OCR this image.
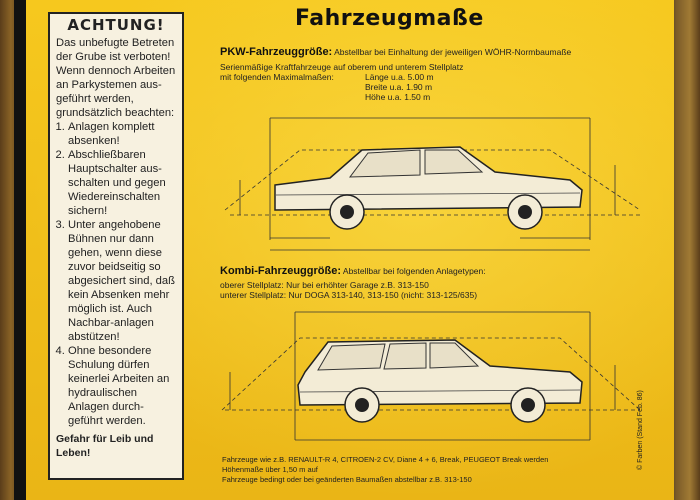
Fahrzeugmaße
ACHTUNG!
Das unbefugte Betreten der Grube ist verboten! Wenn dennoch Arbeiten an Parkystemen aus-geführt werden, grundsätzlich beachten:
1. Anlagen komplett absenken!
2. Abschließbaren Hauptschalter aus-schalten und gegen Wiedereinschalten sichern!
3. Unter angehobene Bühnen nur dann gehen, wenn diese zuvor beidseitig so abgesichert sind, daß kein Absenken mehr möglich ist. Auch Nachbar-anlagen abstützen!
4. Ohne besondere Schulung dürfen keinerlei Arbeiten an hydraulischen Anlagen durch-geführt werden.
Gefahr für Leib und Leben!
PKW-Fahrzeuggröße: Abstellbar bei Einhaltung der jeweiligen WÖHR-Normbaumaße
Serienmäßige Kraftfahrzeuge auf oberem und unterem Stellplatz
mit folgenden Maximalmaßen:	Länge u.a. 5.00 m
Breite u.a. 1.90 m
Höhe u.a. 1.50 m
Kombi-Fahrzeuggröße: Abstellbar bei folgenden Anlagetypen:
oberer Stellplatz: Nur bei erhöhter Garage z.B. 313-150
unterer Stellplatz: Nur DOGA 313-140, 313-150 (nicht: 313-125/635)
Fahrzeuge wie z.B. RENAULT-R 4, CITROEN-2 CV, Diane 4 + 6, Break, PEUGEOT Break werden
Höhenmaße über 1,50 m auf
Fahrzeuge bedingt oder bei geänderten Baumaßen abstellbar z.B. 313-150
© Farben (Stand Feb. 86)
